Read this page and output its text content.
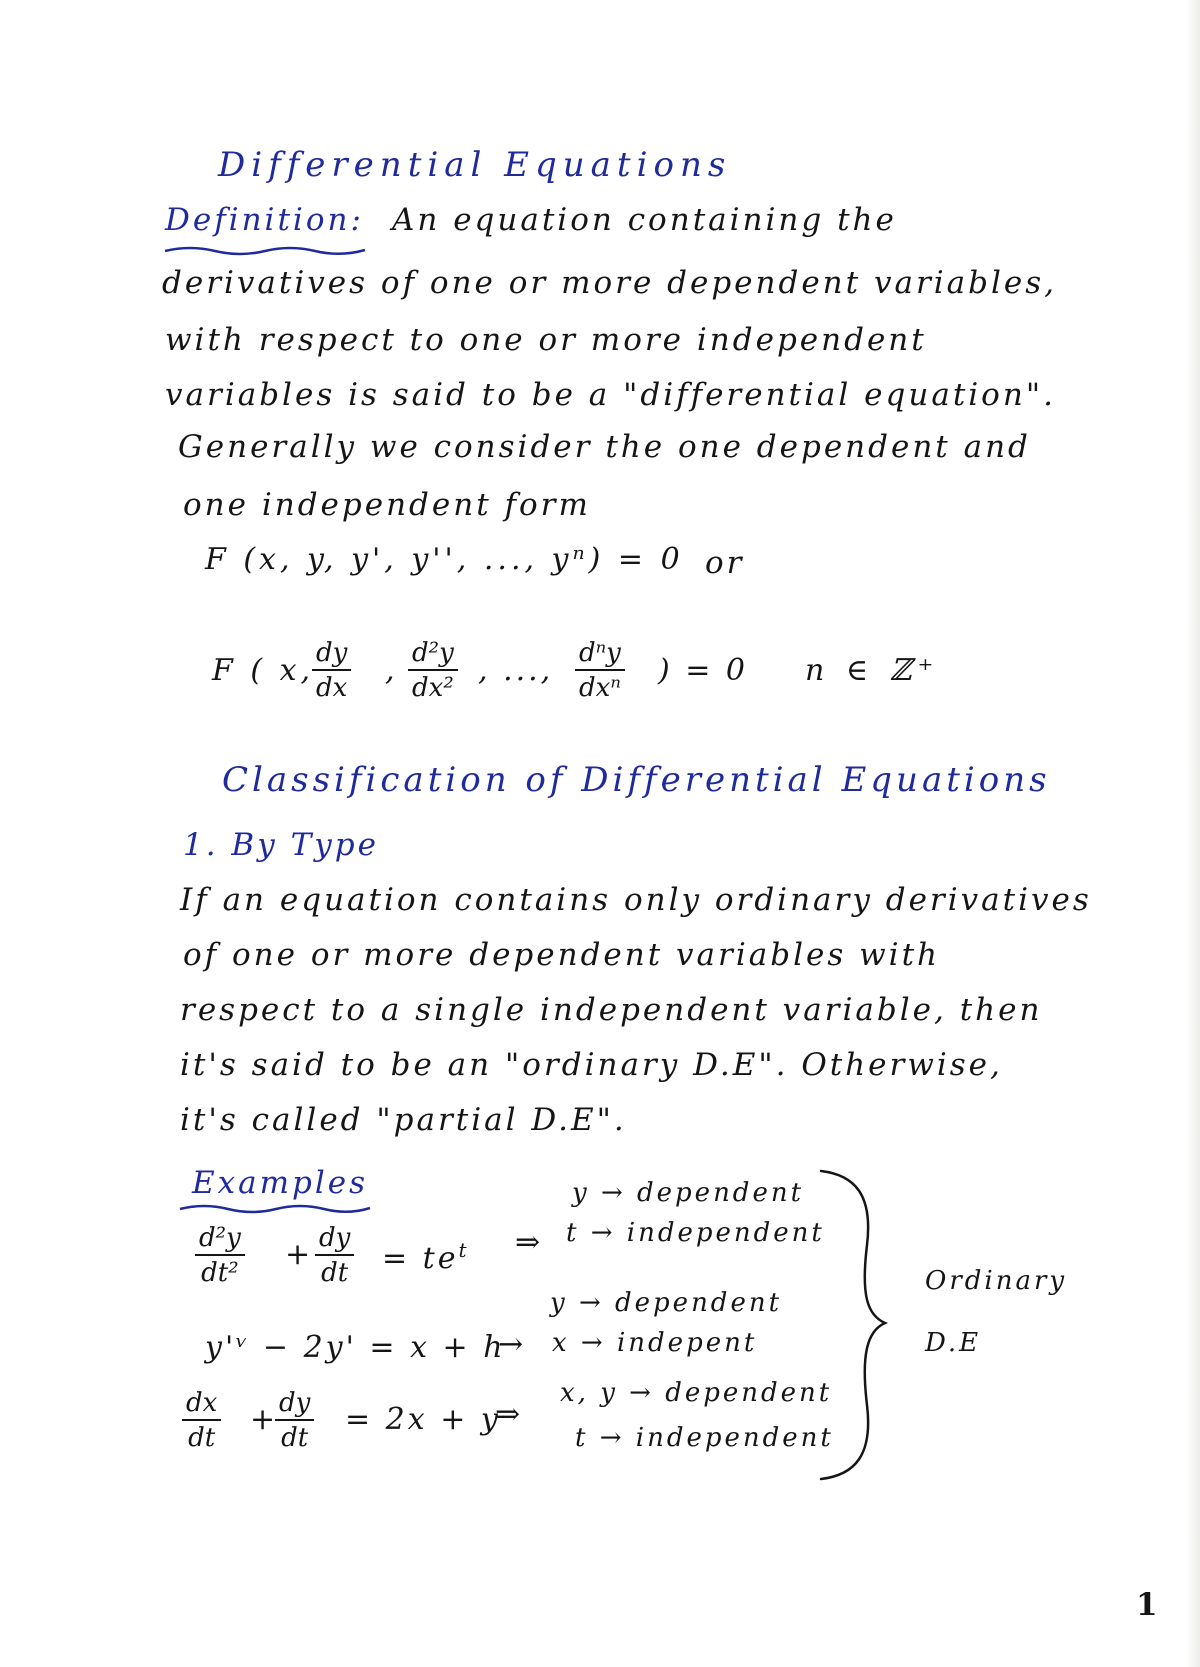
Differential Equations
Definition: An equation containing the
derivatives of one or more dependent variables,
with respect to one or more independent
variables is said to be a "differential equation".
Generally we consider the one dependent and
one independent form
F (x, y, y', y'', ..., yⁿ) = 0 or
F ( x,
$\frac{dy}{dx}$ , $\frac{\text{d²y}}{\text{dx²}}$ , ..., dⁿy
dxⁿ ) = 0 n ∈ ℤ⁺
Classification of Differential Equations
1. By Type
If an equation contains only ordinary derivatives
of one or more dependent variables with
respect to a single independent variable, then
it's said to be an "ordinary D.E". Otherwise,
it's called "partial D.E".
Examples
$\frac{\text{d²y}}{\text{dt²}} + \frac{dy}{dt} = te^t$ ⇒
y → dependent
t → independent
y'ᵛ − 2y' = x + h
→
y → dependent
x → indepent
$\frac{dx}{dt}$ +
$\frac{dy}{dt} = 2x + y$
⇒
x, y → dependent
t → independent
Ordinary
D.E
1
